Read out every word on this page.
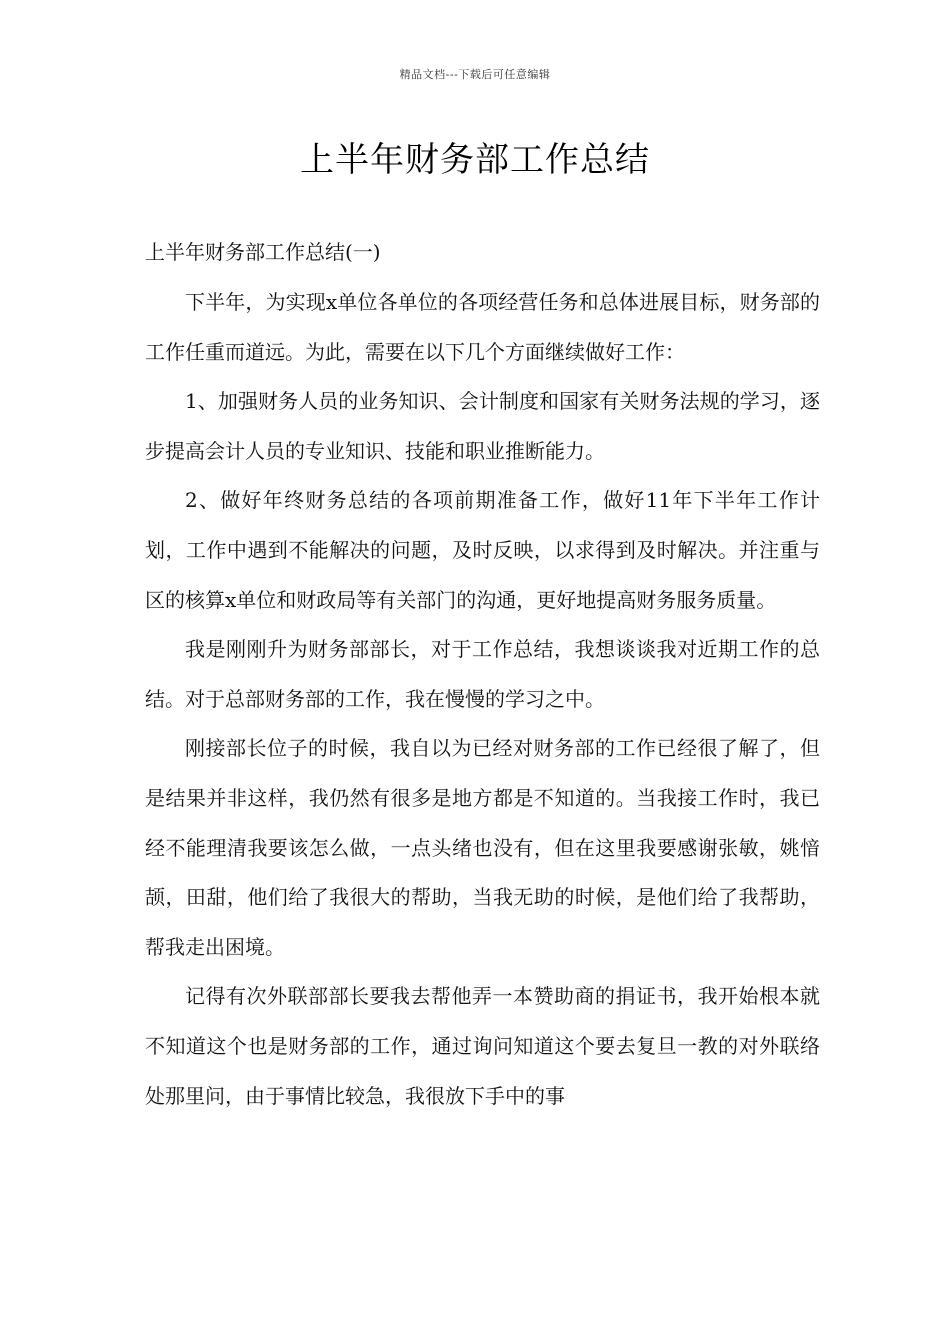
精品文档---下载后可任意编辑
上半年财务部工作总结
上半年财务部工作总结(一)

下半年，为实现x单位各单位的各项经营任务和总体进展目标，财务部的工作任重而道远。为此，需要在以下几个方面继续做好工作：

1、加强财务人员的业务知识、会计制度和国家有关财务法规的学习，逐步提高会计人员的专业知识、技能和职业推断能力。

2、做好年终财务总结的各项前期准备工作，做好11年下半年工作计划，工作中遇到不能解决的问题，及时反映，以求得到及时解决。并注重与区的核算x单位和财政局等有关部门的沟通，更好地提高财务服务质量。

我是刚刚升为财务部部长，对于工作总结，我想谈谈我对近期工作的总结。对于总部财务部的工作，我在慢慢的学习之中。

刚接部长位子的时候，我自以为已经对财务部的工作已经很了解了，但是结果并非这样，我仍然有很多是地方都是不知道的。当我接工作时，我已经不能理清我要该怎么做，一点头绪也没有，但在这里我要感谢张敏，姚愔颉，田甜，他们给了我很大的帮助，当我无助的时候，是他们给了我帮助，帮我走出困境。

记得有次外联部部长要我去帮他弄一本赞助商的捐证书，我开始根本就不知道这个也是财务部的工作，通过询问知道这个要去复旦一教的对外联络处那里问，由于事情比较急，我很放下手中的事
